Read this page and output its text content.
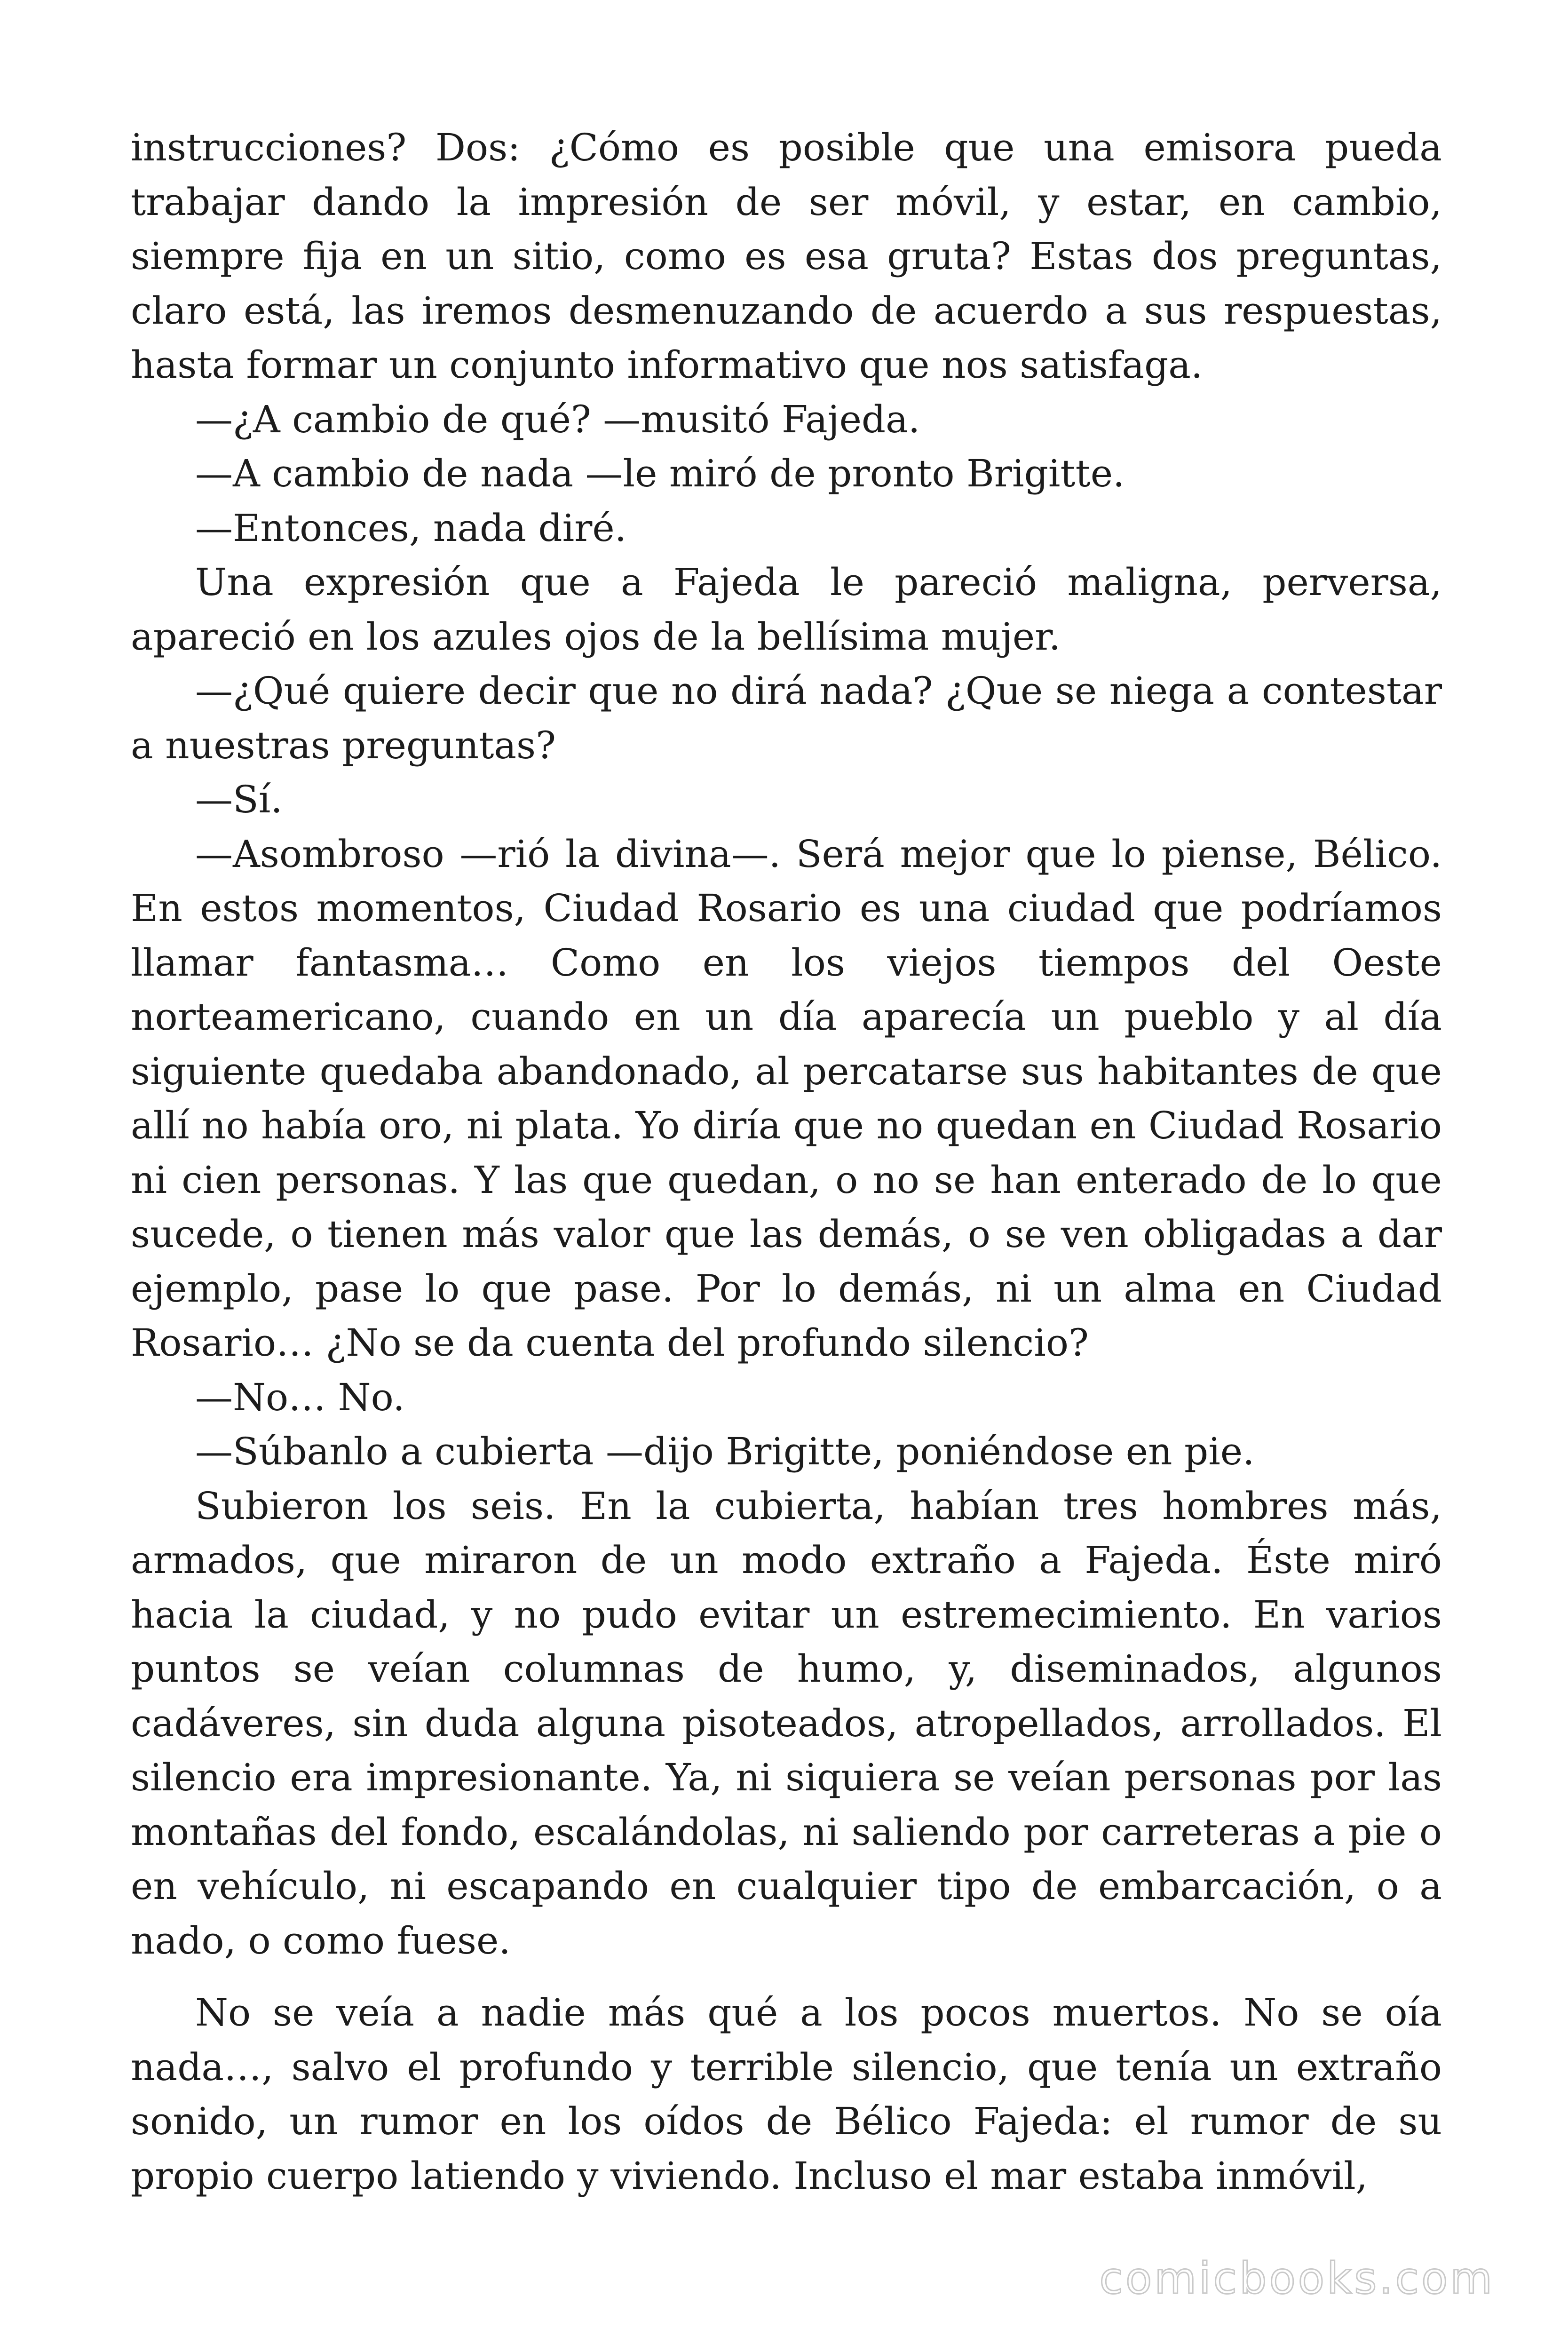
instrucciones? Dos: ¿Cómo es posible que una emisora pueda trabajar dando la impresión de ser móvil, y estar, en cambio, siempre fija en un sitio, como es esa gruta? Estas dos preguntas, claro está, las iremos desmenuzando de acuerdo a sus respuestas, hasta formar un conjunto informativo que nos satisfaga.

—¿A cambio de qué? —musitó Fajeda.

—A cambio de nada —le miró de pronto Brigitte.

—Entonces, nada diré.

Una expresión que a Fajeda le pareció maligna, perversa, apareció en los azules ojos de la bellísima mujer.

—¿Qué quiere decir que no dirá nada? ¿Que se niega a contestar a nuestras preguntas?

—Sí.

—Asombroso —rió la divina—. Será mejor que lo piense, Bélico. En estos momentos, Ciudad Rosario es una ciudad que podríamos llamar fantasma… Como en los viejos tiempos del Oeste norteamericano, cuando en un día aparecía un pueblo y al día siguiente quedaba abandonado, al percatarse sus habitantes de que allí no había oro, ni plata. Yo diría que no quedan en Ciudad Rosario ni cien personas. Y las que quedan, o no se han enterado de lo que sucede, o tienen más valor que las demás, o se ven obligadas a dar ejemplo, pase lo que pase. Por lo demás, ni un alma en Ciudad Rosario… ¿No se da cuenta del profundo silencio?

—No… No.

—Súbanlo a cubierta —dijo Brigitte, poniéndose en pie.

Subieron los seis. En la cubierta, habían tres hombres más, armados, que miraron de un modo extraño a Fajeda. Éste miró hacia la ciudad, y no pudo evitar un estremecimiento. En varios puntos se veían columnas de humo, y, diseminados, algunos cadáveres, sin duda alguna pisoteados, atropellados, arrollados. El silencio era impresionante. Ya, ni siquiera se veían personas por las montañas del fondo, escalándolas, ni saliendo por carreteras a pie o en vehículo, ni escapando en cualquier tipo de embarcación, o a nado, o como fuese.

No se veía a nadie más qué a los pocos muertos. No se oía nada…, salvo el profundo y terrible silencio, que tenía un extraño sonido, un rumor en los oídos de Bélico Fajeda: el rumor de su propio cuerpo latiendo y viviendo. Incluso el mar estaba inmóvil,

comicbooks.com
